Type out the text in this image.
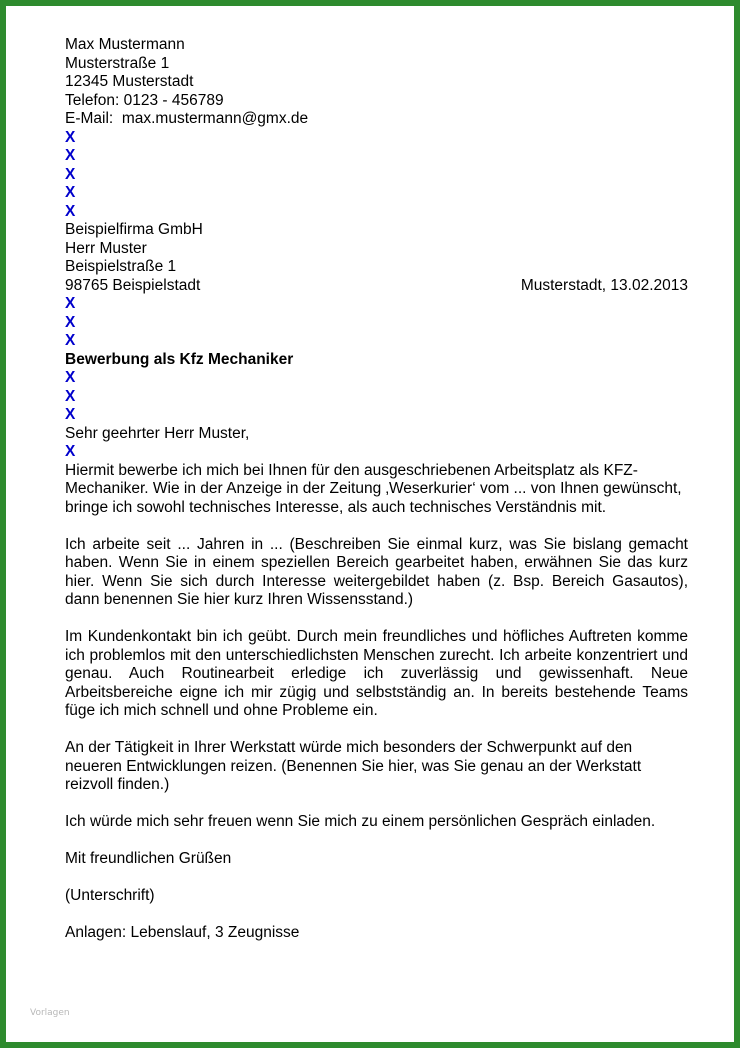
Max Mustermann
Musterstraße 1
12345 Musterstadt
Telefon: 0123 - 456789
E-Mail:  max.mustermann@gmx.de
X
X
X
X
X
Beispielfirma GmbH
Herr Muster
Beispielstraße 1
98765 Beispielstadt	Musterstadt, 13.02.2013
X
X
X
Bewerbung als Kfz Mechaniker
X
X
X
Sehr geehrter Herr Muster,
X
Hiermit bewerbe ich mich bei Ihnen für den ausgeschriebenen Arbeitsplatz als KFZ-Mechaniker. Wie in der Anzeige in der Zeitung ‚Weserkurier‘ vom ... von Ihnen gewünscht, bringe ich sowohl technisches Interesse, als auch technisches Verständnis mit.
Ich arbeite seit ... Jahren in ... (Beschreiben Sie einmal kurz, was Sie bislang gemacht haben. Wenn Sie in einem speziellen Bereich gearbeitet haben, erwähnen Sie das kurz hier. Wenn Sie sich durch Interesse weitergebildet haben (z. Bsp. Bereich Gasautos), dann benennen Sie hier kurz Ihren Wissensstand.)
Im Kundenkontakt bin ich geübt. Durch mein freundliches und höfliches Auftreten komme ich problemlos mit den unterschiedlichsten Menschen zurecht. Ich arbeite konzentriert und genau. Auch Routinearbeit erledige ich zuverlässig und gewissenhaft. Neue Arbeitsbereiche eigne ich mir zügig und selbstständig an. In bereits bestehende Teams füge ich mich schnell und ohne Probleme ein.
An der Tätigkeit in Ihrer Werkstatt würde mich besonders der Schwerpunkt auf den neueren Entwicklungen reizen. (Benennen Sie hier, was Sie genau an der Werkstatt reizvoll finden.)
Ich würde mich sehr freuen wenn Sie mich zu einem persönlichen Gespräch einladen.
Mit freundlichen Grüßen
(Unterschrift)
Anlagen: Lebenslauf, 3 Zeugnisse
Vorlagen
